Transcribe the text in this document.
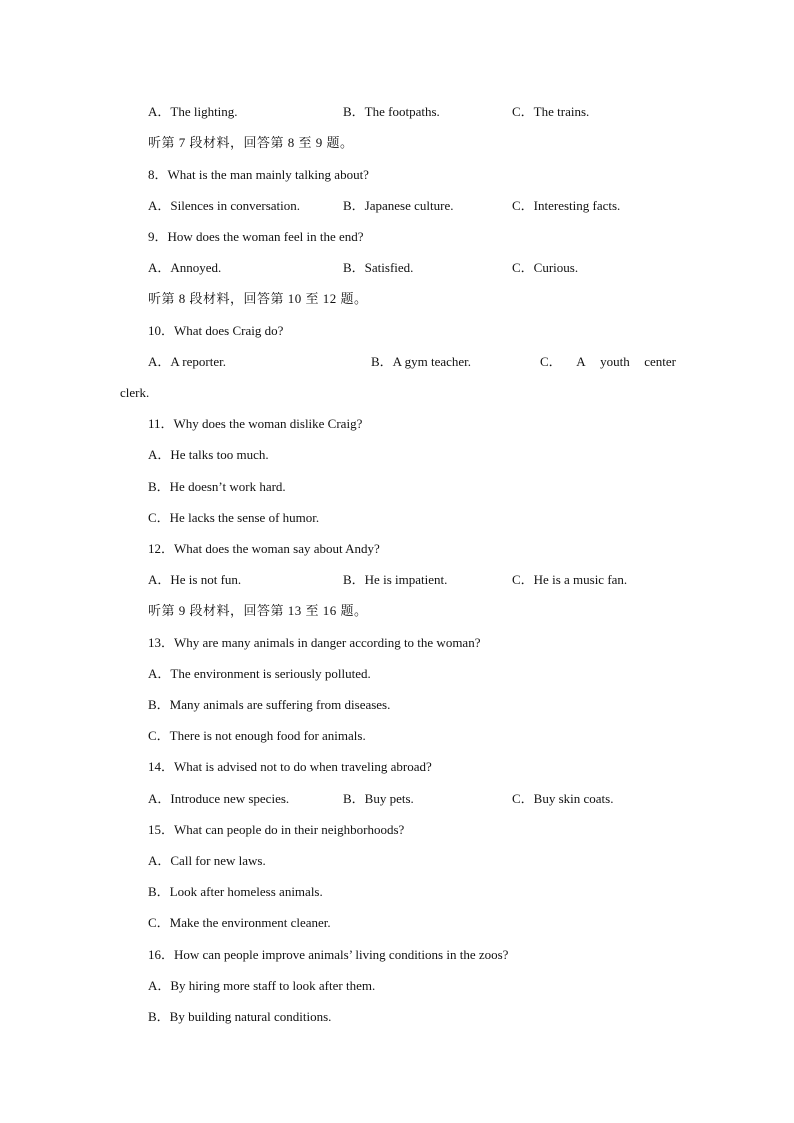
A．The lighting.	B．The footpaths.	C．The trains.
听第 7 段材料，回答第 8 至 9 题。
8．What is the man mainly talking about?
A．Silences in conversation.	B．Japanese culture.	C．Interesting facts.
9．How does the woman feel in the end?
A．Annoyed.	B．Satisfied.	C．Curious.
听第 8 段材料，回答第 10 至 12 题。
10．What does Craig do?
A．A reporter.	B．A gym teacher.	C． A youth center
clerk.
11．Why does the woman dislike Craig?
A．He talks too much.
B．He doesn’t work hard.
C．He lacks the sense of humor.
12．What does the woman say about Andy?
A．He is not fun.	B．He is impatient.	C．He is a music fan.
听第 9 段材料，回答第 13 至 16 题。
13．Why are many animals in danger according to the woman?
A．The environment is seriously polluted.
B．Many animals are suffering from diseases.
C．There is not enough food for animals.
14．What is advised not to do when traveling abroad?
A．Introduce new species.	B．Buy pets.	C．Buy skin coats.
15．What can people do in their neighborhoods?
A．Call for new laws.
B．Look after homeless animals.
C．Make the environment cleaner.
16．How can people improve animals’ living conditions in the zoos?
A．By hiring more staff to look after them.
B．By building natural conditions.
